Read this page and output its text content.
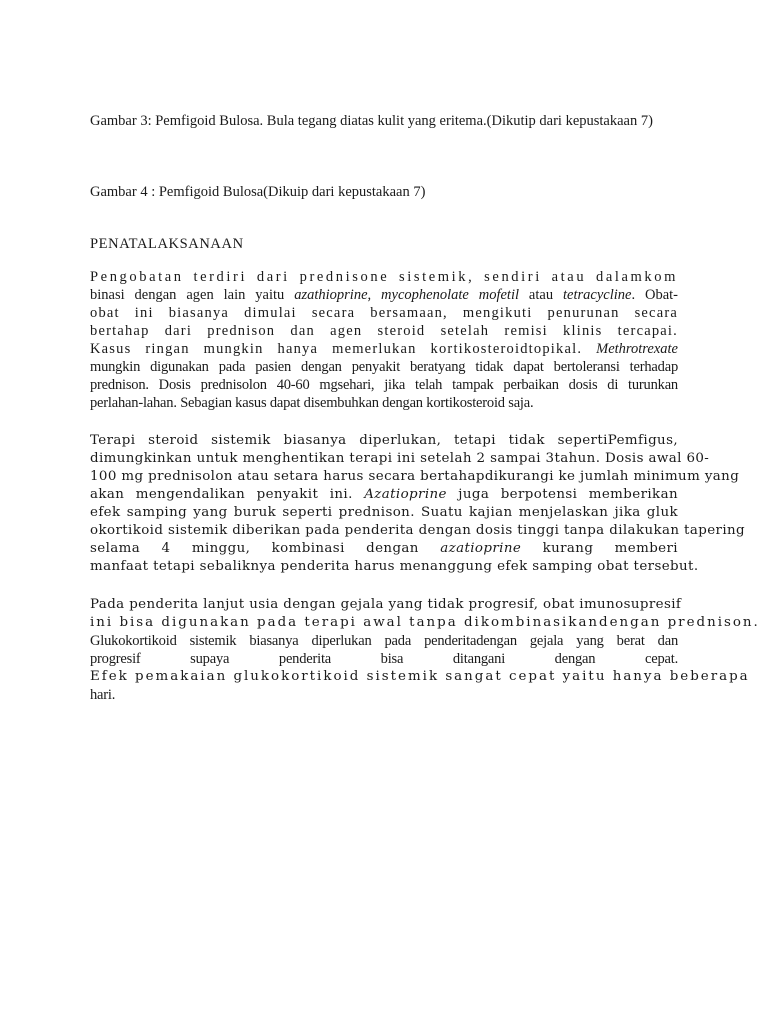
Gambar 3: Pemfigoid Bulosa. Bula tegang diatas kulit yang eritema.(Dikutip dari kepustakaan 7)
Gambar 4 : Pemfigoid Bulosa(Dikuip dari kepustakaan 7)
PENATALAKSANAAN
Pengobatan terdiri dari prednisone sistemik, sendiri atau dalamkom
binasi dengan agen lain yaitu azathioprine, mycophenolate mofetil atau tetracycline. Obat-
obat ini biasanya dimulai secara bersamaan, mengikuti penurunan secara
bertahap dari prednison dan agen steroid setelah remisi klinis tercapai.
Kasus ringan mungkin hanya memerlukan kortikosteroidtopikal. Methrotrexate
mungkin digunakan pada pasien dengan penyakit beratyang tidak dapat bertoleransi terhadap
prednison. Dosis prednisolon 40-60 mgsehari, jika telah tampak perbaikan dosis di turunkan
perlahan-lahan. Sebagian kasus dapat disembuhkan dengan kortikosteroid saja.
Terapi steroid sistemik biasanya diperlukan, tetapi tidak sepertiPemfigus,
dimungkinkan untuk menghentikan terapi ini setelah 2 sampai 3tahun. Dosis awal 60-
100 mg prednisolon atau setara harus secara bertahapdikurangi ke jumlah minimum yang
akan mengendalikan penyakit ini. Azatioprine juga berpotensi memberikan
efek samping yang buruk seperti prednison. Suatu kajian menjelaskan jika gluk
okortikoid sistemik diberikan pada penderita dengan dosis tinggi tanpa dilakukan tapering
selama 4 minggu, kombinasi dengan azatioprine kurang memberi
manfaat tetapi sebaliknya penderita harus menanggung efek samping obat tersebut.
Pada penderita lanjut usia dengan gejala yang tidak progresif, obat imunosupresif
ini bisa digunakan pada terapi awal tanpa dikombinasikandengan prednison.
Glukokortikoid sistemik biasanya diperlukan pada penderitadengan gejala yang berat dan
progresif supaya penderita bisa ditangani dengan cepat.
Efek pemakaian glukokortikoid sistemik sangat cepat yaitu hanya beberapa
hari.
